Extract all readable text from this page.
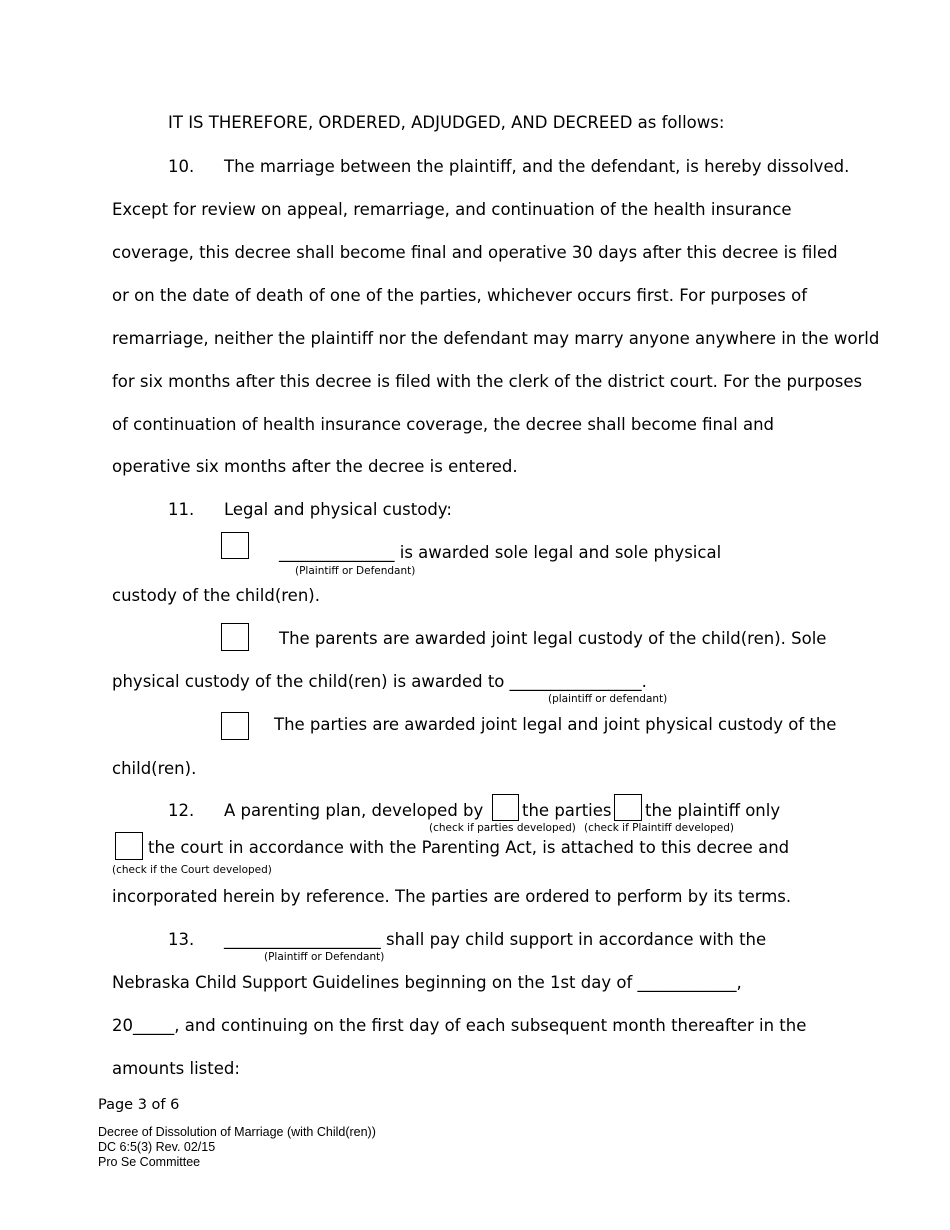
IT IS THEREFORE, ORDERED, ADJUDGED, AND DECREED as follows:
10. The marriage between the plaintiff, and the defendant, is hereby dissolved.
Except for review on appeal, remarriage, and continuation of the health insurance
coverage, this decree shall become final and operative 30 days after this decree is filed
or on the date of death of one of the parties, whichever occurs first. For purposes of
remarriage, neither the plaintiff nor the defendant may marry anyone anywhere in the world
for six months after this decree is filed with the clerk of the district court. For the purposes
of continuation of health insurance coverage, the decree shall become final and
operative six months after the decree is entered.
11. Legal and physical custody:
______________ is awarded sole legal and sole physical
(Plaintiff or Defendant)
custody of the child(ren).
The parents are awarded joint legal custody of the child(ren). Sole
physical custody of the child(ren) is awarded to ________________.
(plaintiff or defendant)
The parties are awarded joint legal and joint physical custody of the
child(ren).
12. A parenting plan, developed by the parties the plaintiff only
(check if parties developed) (check if Plaintiff developed)
the court in accordance with the Parenting Act, is attached to this decree and
(check if the Court developed)
incorporated herein by reference. The parties are ordered to perform by its terms.
13. ___________________ shall pay child support in accordance with the
(Plaintiff or Defendant)
Nebraska Child Support Guidelines beginning on the 1st day of ____________,
20_____, and continuing on the first day of each subsequent month thereafter in the
amounts listed:
Page 3 of 6
Decree of Dissolution of Marriage (with Child(ren))
DC 6:5(3) Rev. 02/15
Pro Se Committee
